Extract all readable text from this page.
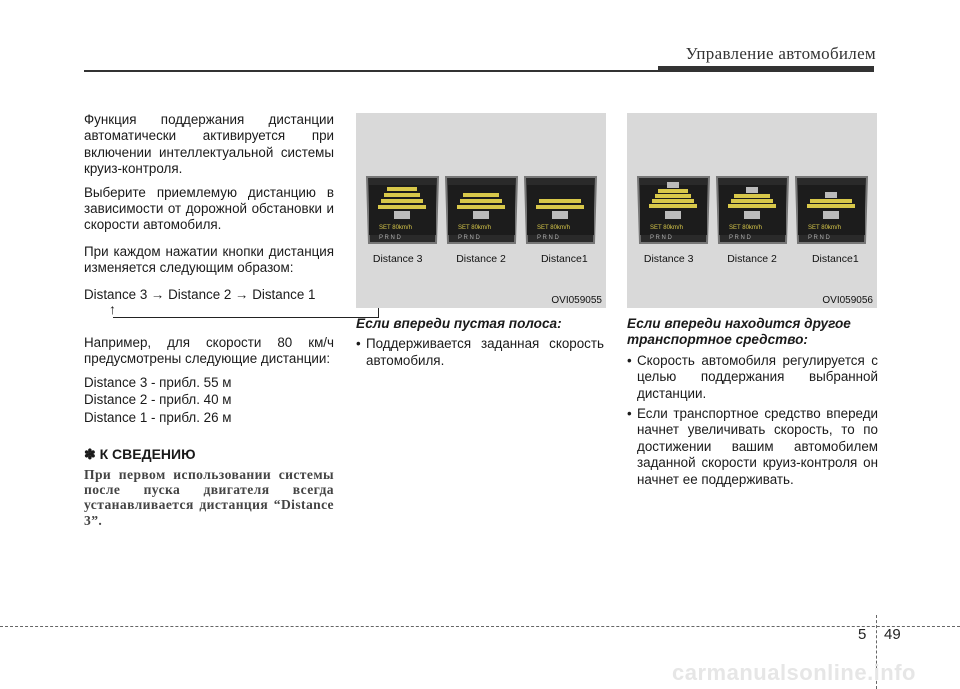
Управление автомобилем

Функция поддержания дистанции автоматически активируется при включении интеллектуальной системы круиз-контроля.

Выберите приемлемую дистанцию в зависимости от дорожной обстановки и скорости автомобиля.

При каждом нажатии кнопки дистанция изменяется следующим образом:

Distance 3 → Distance 2 → Distance 1
↑

Например, для скорости 80 км/ч предусмотрены следующие дистанции:

Distance 3 - прибл. 55 м
Distance 2 - прибл. 40 м
Distance 1 - прибл. 26 м
✽ К СВЕДЕНИЮ
При первом использовании системы после пуска двигателя всегда устанавливается дистанция “Distance 3”.
SET 80km/h
P R N D
SET 80km/h
P R N D
SET 80km/h
P R N D
Distance 3	Distance 2	Distance1
OVI059055
SET 80km/h
P R N D
SET 80km/h
P R N D
SET 80km/h
P R N D
Distance 3	Distance 2	Distance1
OVI059056
Если впереди пустая полоса:
• Поддерживается заданная скорость автомобиля.
Если впереди находится другое транспортное средство:
• Скорость автомобиля регулируется с целью поддержания выбранной дистанции.
• Если транспортное средство впереди начнет увеличивать скорость, то по достижении вашим автомобилем заданной скорости круиз-контроля он начнет ее поддерживать.
5 49
carmanualsonline.info
